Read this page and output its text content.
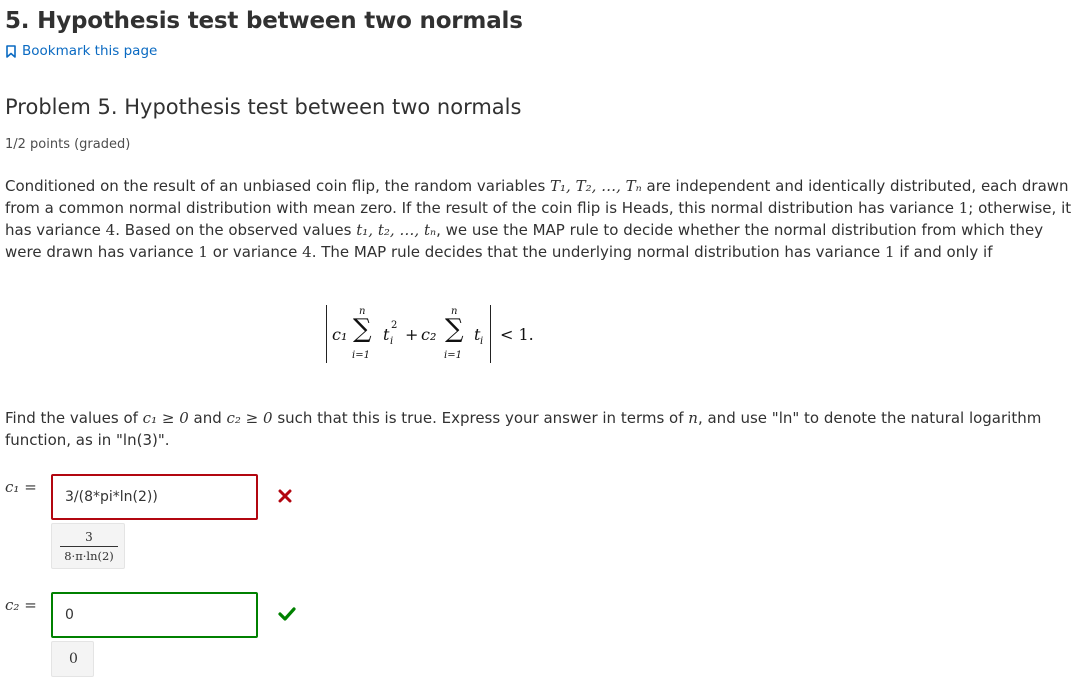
5. Hypothesis test between two normals
Bookmark this page
Problem 5. Hypothesis test between two normals
1/2 points (graded)

Conditioned on the result of an unbiased coin flip, the random variables T₁, T₂, …, Tₙ are independent and identically distributed, each drawn from a common normal distribution with mean zero. If the result of the coin flip is Heads, this normal distribution has variance 1; otherwise, it has variance 4. Based on the observed values t₁, t₂, …, tₙ, we use the MAP rule to decide whether the normal distribution from which they were drawn has variance 1 or variance 4. The MAP rule decides that the underlying normal distribution has variance 1 if and only if

c₁
n
∑
i=1
t i
2 + c₂
n
∑
i=1
t i < 1.

Find the values of c₁ ≥ 0 and c₂ ≥ 0 such that this is true. Express your answer in terms of n, and use "ln" to denote the natural logarithm function, as in "ln(3)".

c₁ =
3/(8*pi*ln(2))
3
8·π·ln(2)
c₂ =
0
0
